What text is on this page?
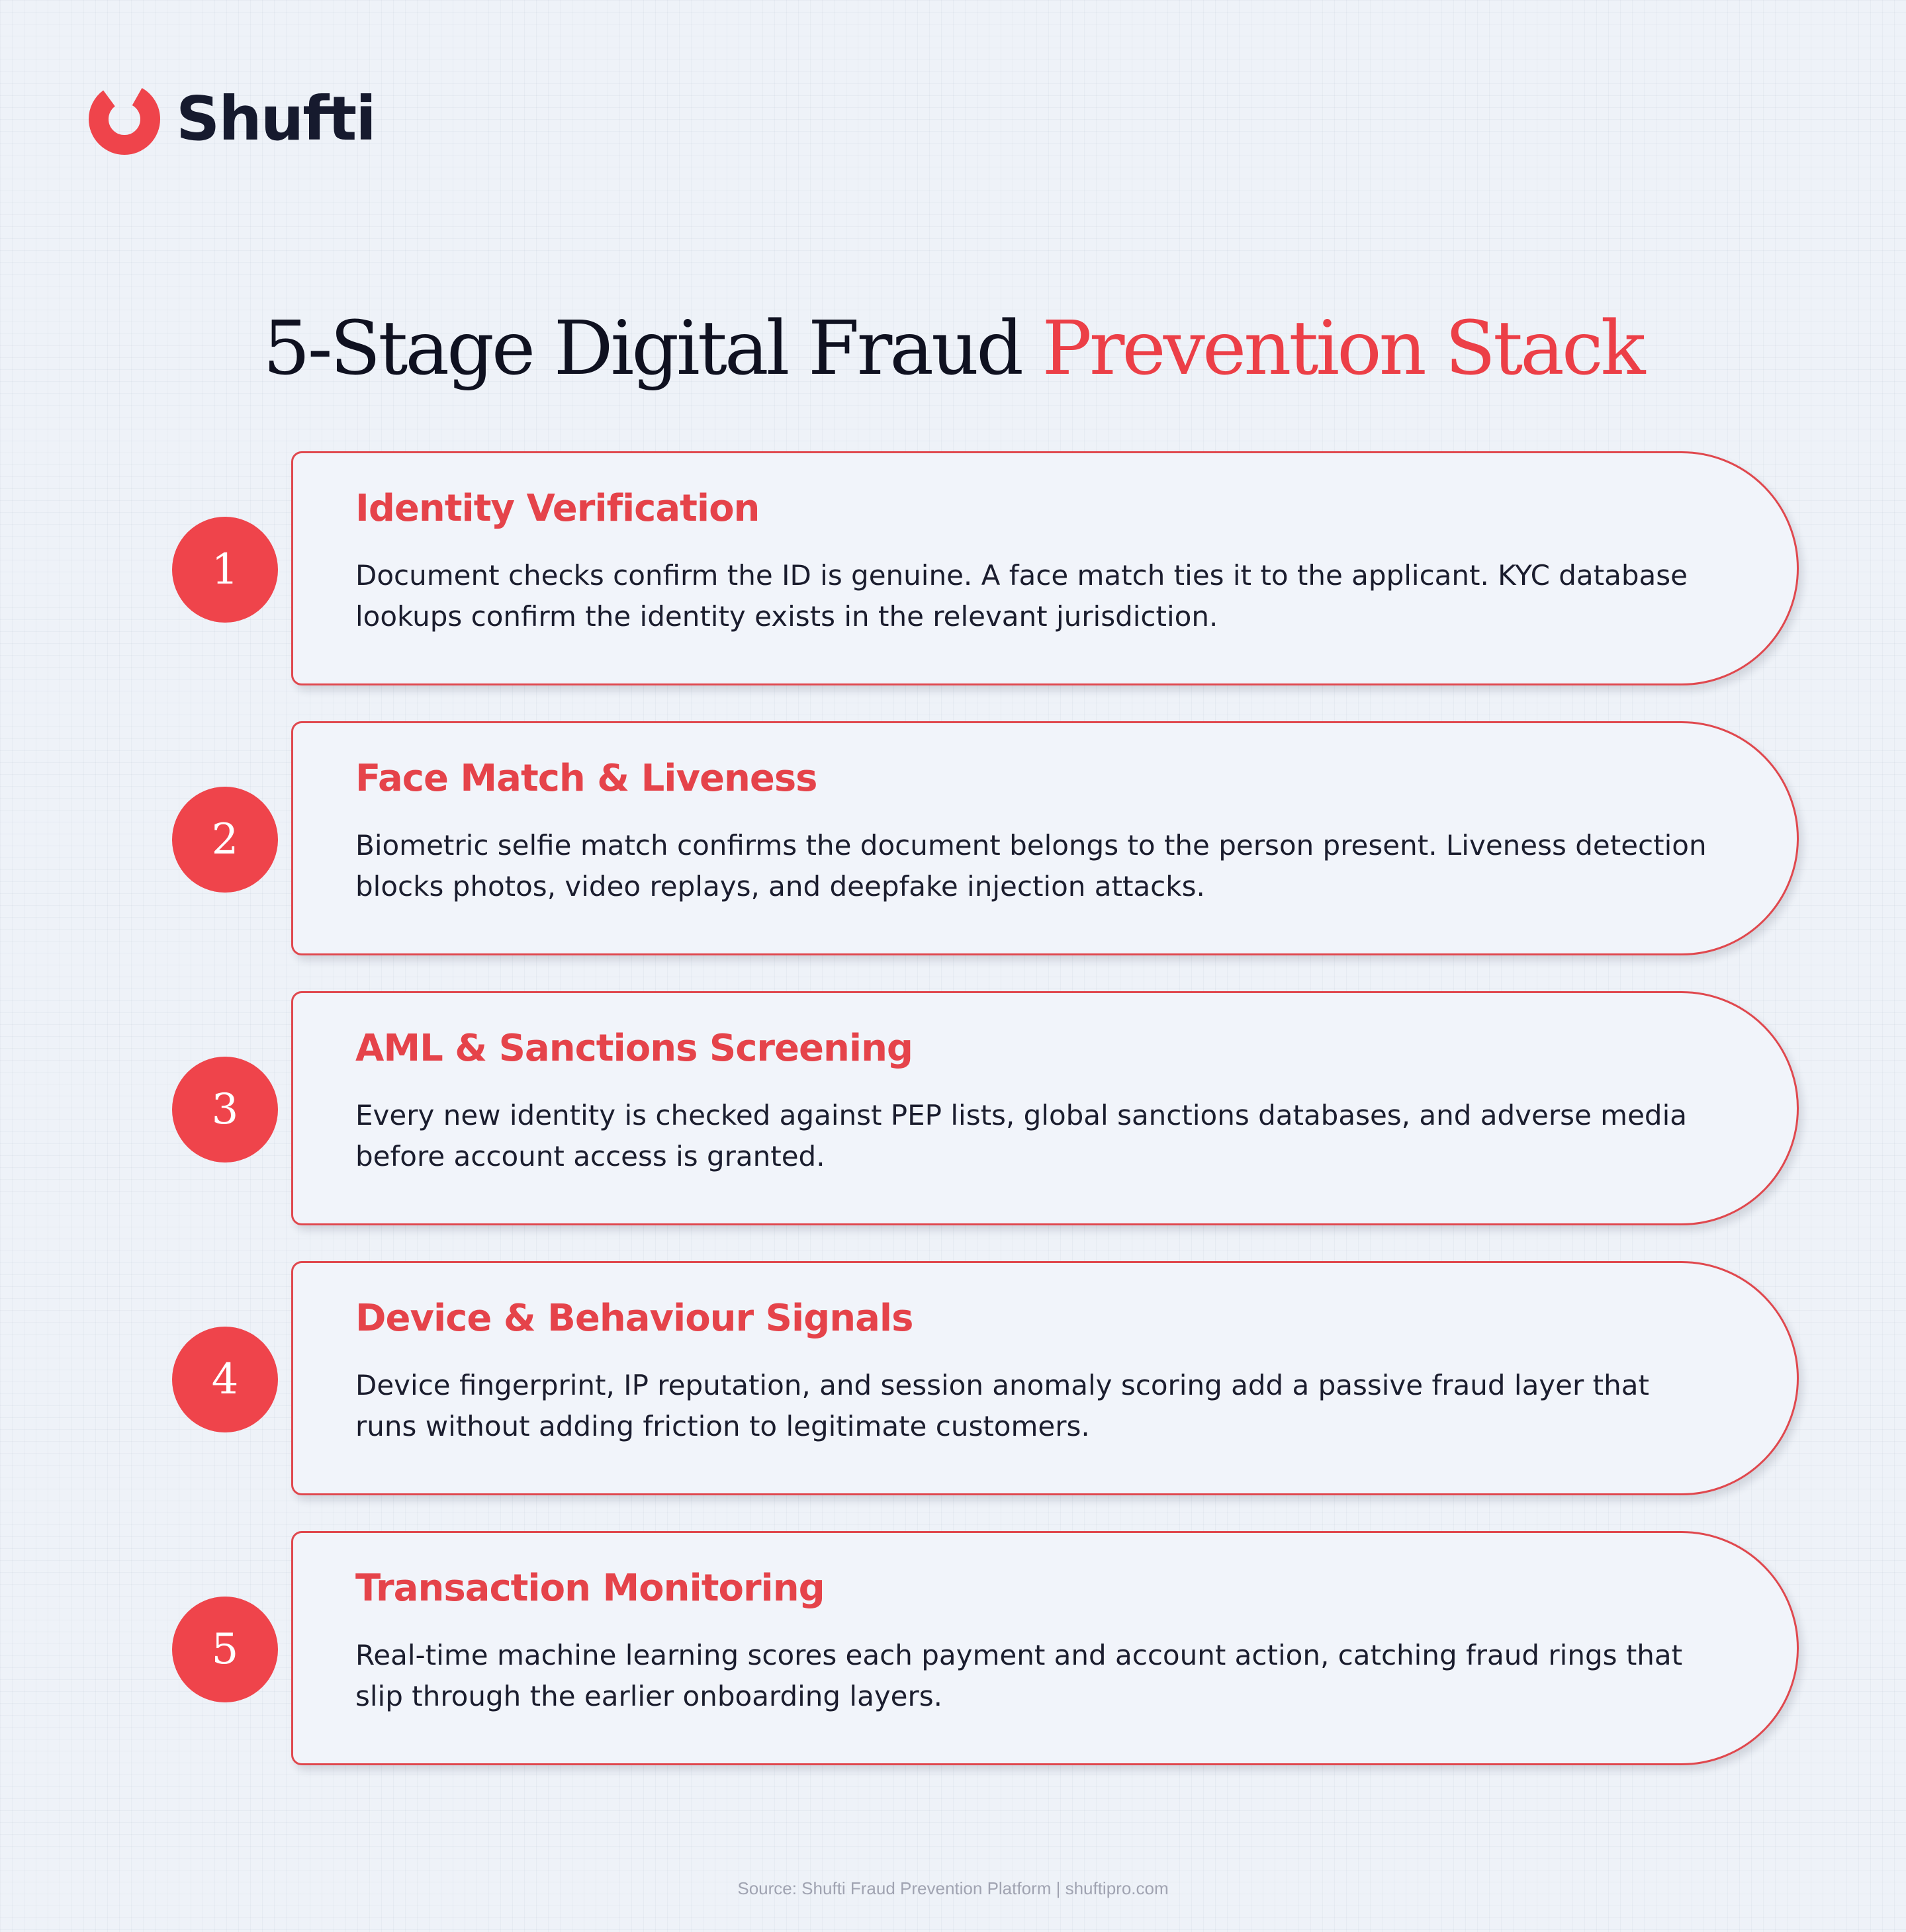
Shufti
5-Stage Digital Fraud Prevention Stack
1
Identity Verification
Document checks confirm the ID is genuine. A face match ties it to the applicant. KYC database lookups confirm the identity exists in the relevant jurisdiction.
2
Face Match & Liveness
Biometric selfie match confirms the document belongs to the person present. Liveness detection blocks photos, video replays, and deepfake injection attacks.
3
AML & Sanctions Screening
Every new identity is checked against PEP lists, global sanctions databases, and adverse media before account access is granted.
4
Device & Behaviour Signals
Device fingerprint, IP reputation, and session anomaly scoring add a passive fraud layer that runs without adding friction to legitimate customers.
5
Transaction Monitoring
Real-time machine learning scores each payment and account action, catching fraud rings that slip through the earlier onboarding layers.
Source: Shufti Fraud Prevention Platform | shuftipro.com
